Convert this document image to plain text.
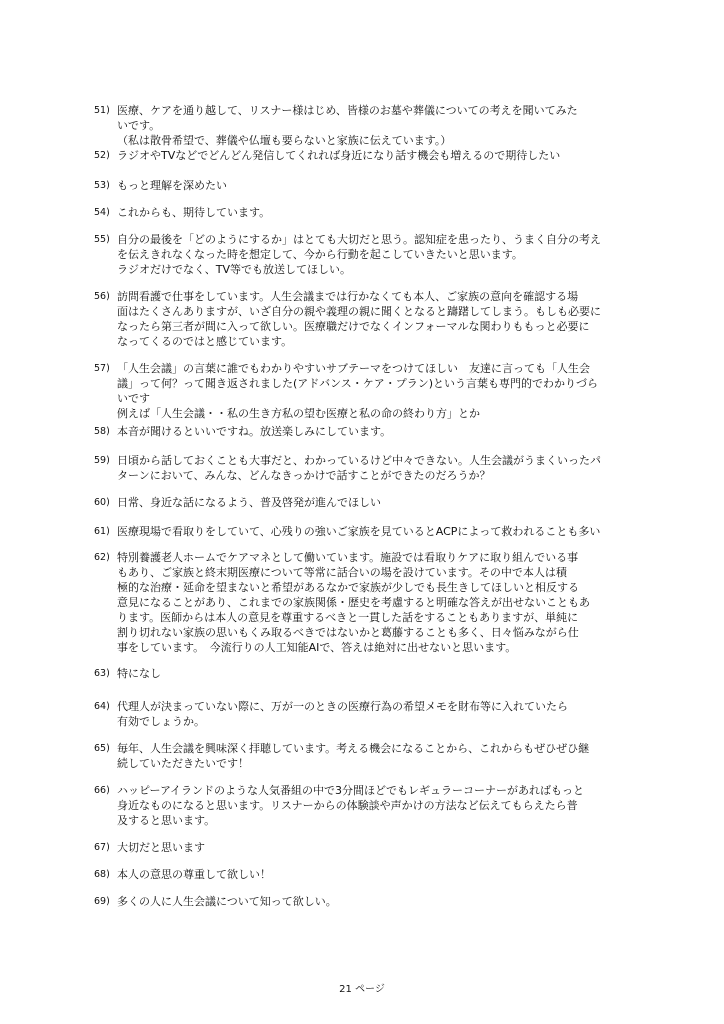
51) 医療、ケアを通り越して、リスナー様はじめ、皆様のお墓や葬儀についての考えを聞いてみた
いです。
（私は散骨希望で、葬儀や仏壇も要らないと家族に伝えています。）
52) ラジオやTVなどでどんどん発信してくれれば身近になり話す機会も増えるので期待したい
53) もっと理解を深めたい
54) これからも、期待しています。
55) 自分の最後を「どのようにするか」はとても大切だと思う。認知症を患ったり、うまく自分の考え
を伝えきれなくなった時を想定して、今から行動を起こしていきたいと思います。
ラジオだけでなく、TV等でも放送してほしい。
56) 訪問看護で仕事をしています。人生会議までは行かなくても本人、ご家族の意向を確認する場
面はたくさんありますが、いざ自分の親や義理の親に聞くとなると躊躇してしまう。もしも必要に
なったら第三者が間に入って欲しい。医療職だけでなくインフォーマルな関わりももっと必要に
なってくるのではと感じています。
57) 「人生会議」の言葉に誰でもわかりやすいサブテーマをつけてほしい　友達に言っても「人生会
議」って何？って聞き返されました(アドバンス・ケア・プラン)という言葉も専門的でわかりづら
いです
例えば「人生会議・・私の生き方私の望む医療と私の命の終わり方」とか
58) 本音が聞けるといいですね。放送楽しみにしています。
59) 日頃から話しておくことも大事だと、わかっているけど中々できない。人生会議がうまくいったパ
ターンにおいて、みんな、どんなきっかけで話すことができたのだろうか？
60) 日常、身近な話になるよう、普及啓発が進んでほしい
61) 医療現場で看取りをしていて、心残りの強いご家族を見ているとACPによって救われることも多い
62) 特別養護老人ホームでケアマネとして働いています。施設では看取りケアに取り組んでいる事
もあり、ご家族と終末期医療について等常に話合いの場を設けています。その中で本人は積
極的な治療・延命を望まないと希望があるなかで家族が少しでも長生きしてほしいと相反する
意見になることがあり、これまでの家族関係・歴史を考慮すると明確な答えが出せないこともあ
ります。医師からは本人の意見を尊重するべきと一貫した話をすることもありますが、単純に
割り切れない家族の思いもくみ取るべきではないかと葛藤することも多く、日々悩みながら仕
事をしています。　今流行りの人工知能AIで、答えは絶対に出せないと思います。
63) 特になし
64) 代理人が決まっていない際に、万が一のときの医療行為の希望メモを財布等に入れていたら
有効でしょうか。
65) 毎年、人生会議を興味深く拝聴しています。考える機会になることから、これからもぜひぜひ継
続していただきたいです！
66) ハッピーアイランドのような人気番組の中で3分間ほどでもレギュラーコーナーがあればもっと
身近なものになると思います。リスナーからの体験談や声かけの方法など伝えてもらえたら普
及すると思います。
67) 大切だと思います
68) 本人の意思の尊重して欲しい！
69) 多くの人に人生会議について知って欲しい。
21 ページ
